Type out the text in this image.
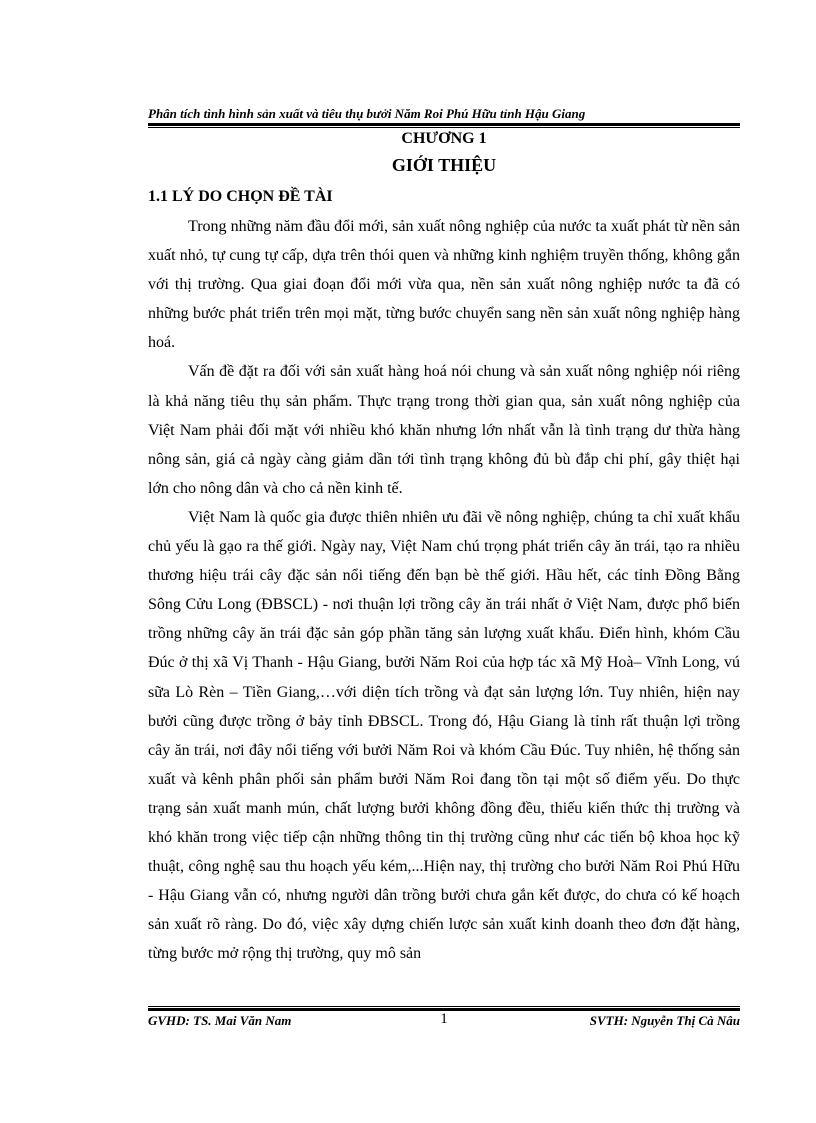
Phân tích tình hình sản xuất và tiêu thụ bưởi Năm Roi Phú Hữu tỉnh Hậu Giang
CHƯƠNG 1
GIỚI THIỆU
1.1 LÝ DO CHỌN ĐỀ TÀI

Trong những năm đầu đổi mới, sản xuất nông nghiệp của nước ta xuất phát từ nền sản xuất nhỏ, tự cung tự cấp, dựa trên thói quen và những kinh nghiệm truyền thống, không gắn với thị trường. Qua giai đoạn đổi mới vừa qua, nền sản xuất nông nghiệp nước ta đã có những bước phát triển trên mọi mặt, từng bước chuyển sang nền sản xuất nông nghiệp hàng hoá.

Vấn đề đặt ra đối với sản xuất hàng hoá nói chung và sản xuất nông nghiệp nói riêng là khả năng tiêu thụ sản phẩm. Thực trạng trong thời gian qua, sản xuất nông nghiệp của Việt Nam phải đối mặt với nhiều khó khăn nhưng lớn nhất vẫn là tình trạng dư thừa hàng nông sản, giá cả ngày càng giảm dần tới tình trạng không đủ bù đắp chi phí, gây thiệt hại lớn cho nông dân và cho cả nền kinh tế.

Việt Nam là quốc gia được thiên nhiên ưu đãi về nông nghiệp, chúng ta chỉ xuất khẩu chủ yếu là gạo ra thế giới. Ngày nay, Việt Nam chú trọng phát triển cây ăn trái, tạo ra nhiều thương hiệu trái cây đặc sản nổi tiếng đến bạn bè thế giới. Hầu hết, các tỉnh Đồng Bằng Sông Cửu Long (ĐBSCL) - nơi thuận lợi trồng cây ăn trái nhất ở Việt Nam, được phổ biến trồng những cây ăn trái đặc sản góp phần tăng sản lượng xuất khẩu. Điển hình, khóm Cầu Đúc ở thị xã Vị Thanh - Hậu Giang, bưởi Năm Roi của hợp tác xã Mỹ Hoà– Vĩnh Long, vú sữa Lò Rèn – Tiền Giang,…với diện tích trồng và đạt sản lượng lớn. Tuy nhiên, hiện nay bưởi cũng được trồng ở bảy tỉnh ĐBSCL. Trong đó, Hậu Giang là tỉnh rất thuận lợi trồng cây ăn trái, nơi đây nổi tiếng với bưởi Năm Roi và khóm Cầu Đúc. Tuy nhiên, hệ thống sản xuất và kênh phân phối sản phẩm bưởi Năm Roi đang tồn tại một số điểm yếu. Do thực trạng sản xuất manh mún, chất lượng bưởi không đồng đều, thiếu kiến thức thị trường và khó khăn trong việc tiếp cận những thông tin thị trường cũng như các tiến bộ khoa học kỹ thuật, công nghệ sau thu hoạch yếu kém,...Hiện nay, thị trường cho bưởi Năm Roi Phú Hữu - Hậu Giang vẫn có, nhưng người dân trồng bưởi chưa gắn kết được, do chưa có kế hoạch sản xuất rõ ràng. Do đó, việc xây dựng chiến lược sản xuất kinh doanh theo đơn đặt hàng, từng bước mở rộng thị trường, quy mô sản

GVHD: TS. Mai Văn Nam	1	SVTH: Nguyễn Thị Cà Nâu
